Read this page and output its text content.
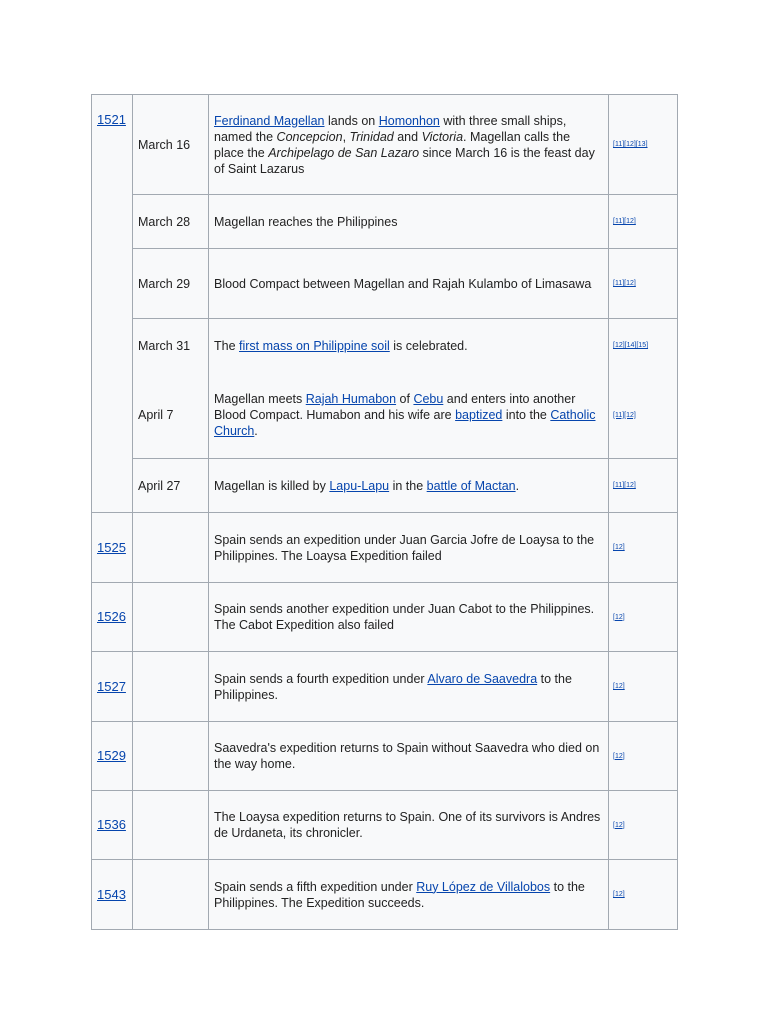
1521	March 16	Ferdinand Magellan lands on Homonhon with three small ships, named the Concepcion, Trinidad and Victoria. Magellan calls the place the Archipelago de San Lazaro since March 16 is the feast day of Saint Lazarus	[11][12][13]
	March 28	Magellan reaches the Philippines	[11][12]
	March 29	Blood Compact between Magellan and Rajah Kulambo of Limasawa	[11][12]
	March 31	The first mass on Philippine soil is celebrated.	[12][14][15]
	April 7	Magellan meets Rajah Humabon of Cebu and enters into another Blood Compact. Humabon and his wife are baptized into the Catholic Church.	[11][12]
	April 27	Magellan is killed by Lapu-Lapu in the battle of Mactan.	[11][12]
1525		Spain sends an expedition under Juan Garcia Jofre de Loaysa to the Philippines. The Loaysa Expedition failed	[12]
1526		Spain sends another expedition under Juan Cabot to the Philippines. The Cabot Expedition also failed	[12]
1527		Spain sends a fourth expedition under Alvaro de Saavedra to the Philippines.	[12]
1529		Saavedra's expedition returns to Spain without Saavedra who died on the way home.	[12]
1536		The Loaysa expedition returns to Spain. One of its survivors is Andres de Urdaneta, its chronicler.	[12]
1543		Spain sends a fifth expedition under Ruy López de Villalobos to the Philippines. The Expedition succeeds.	[12]
